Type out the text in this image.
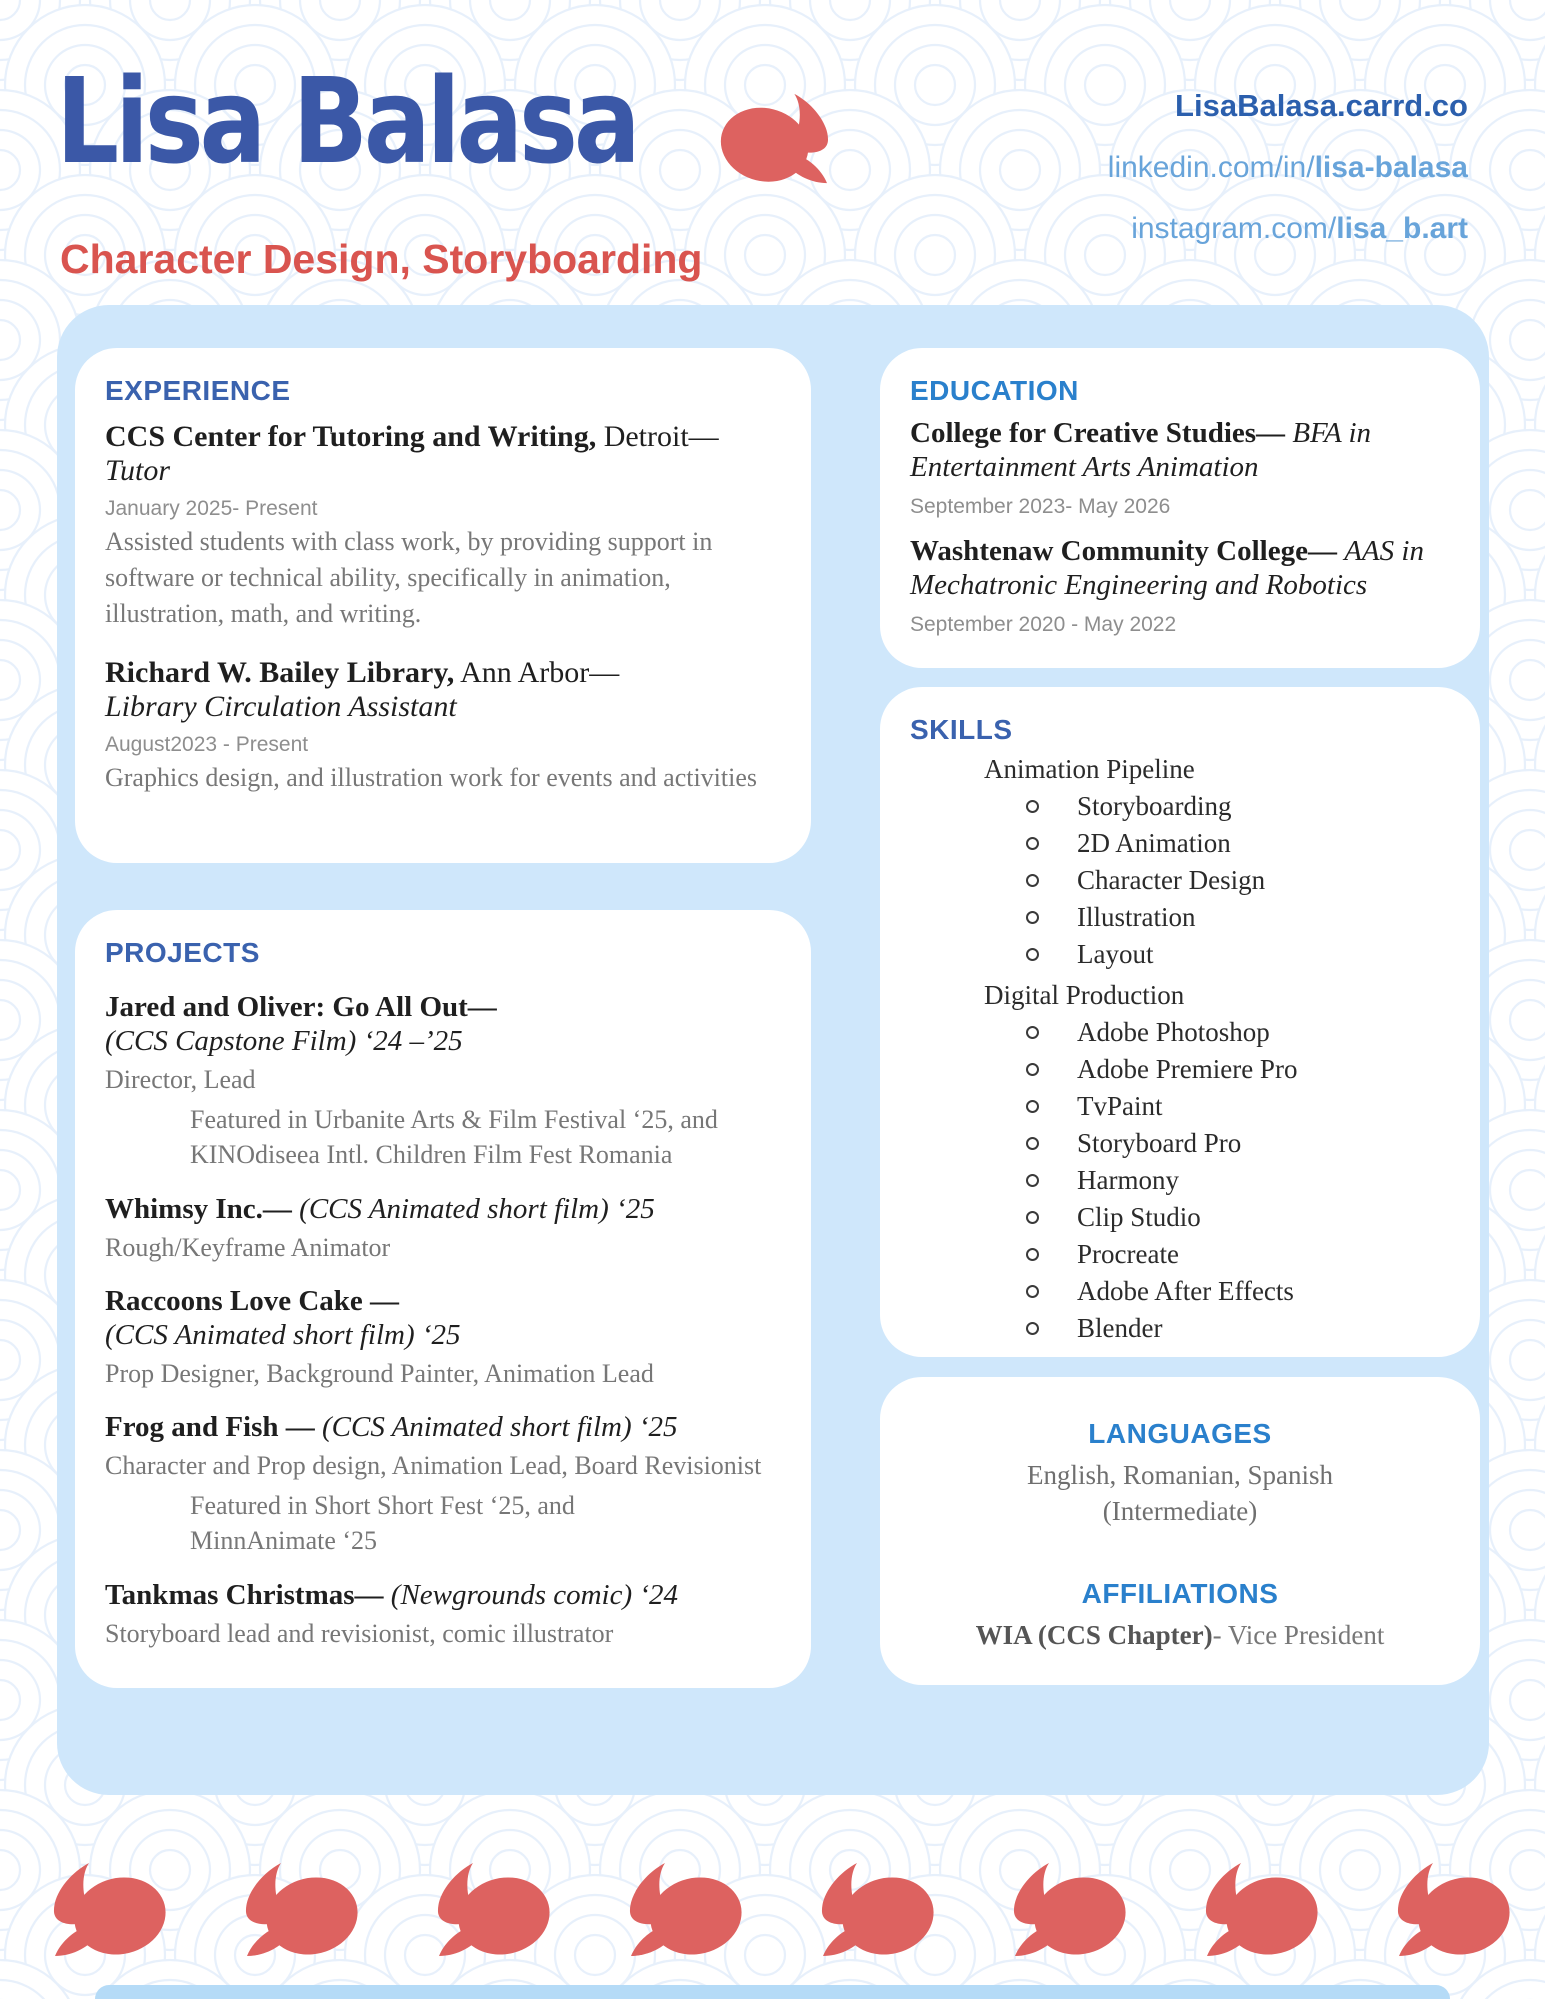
Lisa Balasa
Character Design, Storyboarding
LisaBalasa.carrd.co
linkedin.com/in/lisa-balasa
instagram.com/lisa_b.art
EXPERIENCE
CCS Center for Tutoring and Writing, Detroit—
Tutor
January 2025- Present
Assisted students with class work, by providing support in software or technical ability, specifically in animation, illustration, math, and writing.
Richard W. Bailey Library, Ann Arbor—
Library Circulation Assistant
August2023 - Present
Graphics design, and illustration work for events and activities
PROJECTS
Jared and Oliver: Go All Out—
(CCS Capstone Film) ‘24 –’25
Director, Lead
Featured in Urbanite Arts & Film Festival ‘25, and
KINOdiseea Intl. Children Film Fest Romania
Whimsy Inc.— (CCS Animated short film) ‘25
Rough/Keyframe Animator
Raccoons Love Cake —
(CCS Animated short film) ‘25
Prop Designer, Background Painter, Animation Lead
Frog and Fish — (CCS Animated short film) ‘25
Character and Prop design, Animation Lead, Board Revisionist
Featured in Short Short Fest ‘25, and
MinnAnimate ‘25
Tankmas Christmas— (Newgrounds comic) ‘24
Storyboard lead and revisionist, comic illustrator
EDUCATION
College for Creative Studies— BFA in Entertainment Arts Animation
September 2023- May 2026
Washtenaw Community College— AAS in Mechatronic Engineering and Robotics
September 2020 - May 2022
SKILLS
Animation Pipeline
Storyboarding
2D Animation
Character Design
Illustration
Layout
Digital Production
Adobe Photoshop
Adobe Premiere Pro
TvPaint
Storyboard Pro
Harmony
Clip Studio
Procreate
Adobe After Effects
Blender
LANGUAGES
English, Romanian, Spanish
(Intermediate)
AFFILIATIONS
WIA (CCS Chapter)- Vice President
